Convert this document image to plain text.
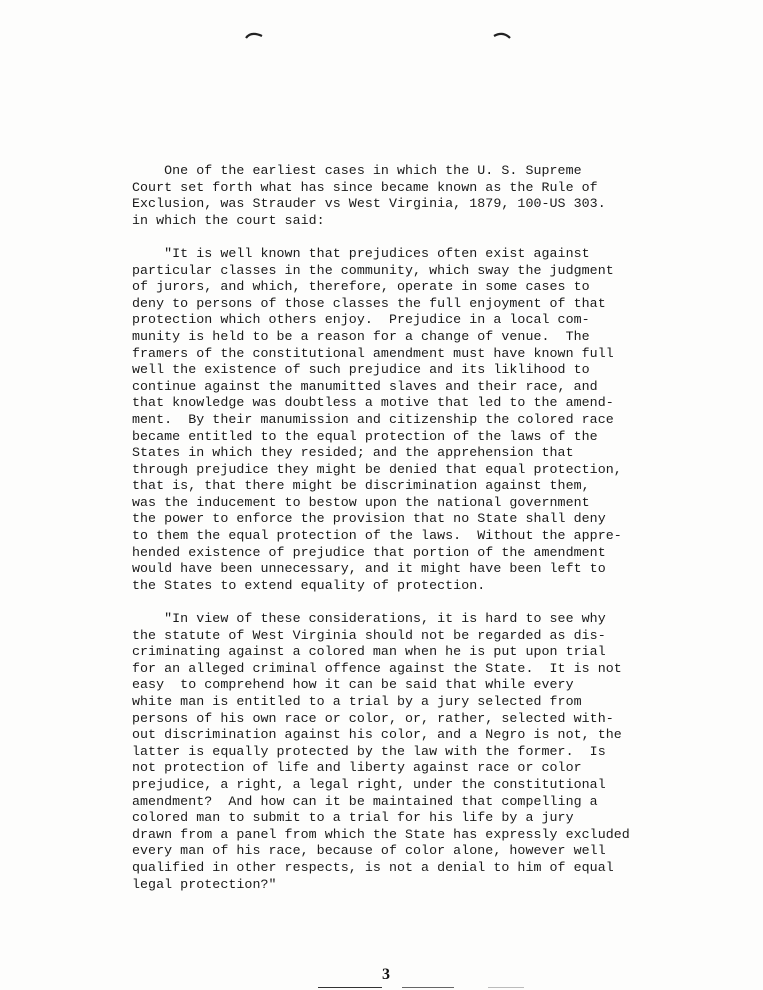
One of the earliest cases in which the U. S. Supreme
Court set forth what has since became known as the Rule of
Exclusion, was Strauder vs West Virginia, 1879, 100-US 303.
in which the court said:
"It is well known that prejudices often exist against
particular classes in the community, which sway the judgment
of jurors, and which, therefore, operate in some cases to
deny to persons of those classes the full enjoyment of that
protection which others enjoy.  Prejudice in a local com-
munity is held to be a reason for a change of venue.  The
framers of the constitutional amendment must have known full
well the existence of such prejudice and its liklihood to
continue against the manumitted slaves and their race, and
that knowledge was doubtless a motive that led to the amend-
ment.  By their manumission and citizenship the colored race
became entitled to the equal protection of the laws of the
States in which they resided; and the apprehension that
through prejudice they might be denied that equal protection,
that is, that there might be discrimination against them,
was the inducement to bestow upon the national government
the power to enforce the provision that no State shall deny
to them the equal protection of the laws.  Without the appre-
hended existence of prejudice that portion of the amendment
would have been unnecessary, and it might have been left to
the States to extend equality of protection.
"In view of these considerations, it is hard to see why
the statute of West Virginia should not be regarded as dis-
criminating against a colored man when he is put upon trial
for an alleged criminal offence against the State.  It is not
easy  to comprehend how it can be said that while every
white man is entitled to a trial by a jury selected from
persons of his own race or color, or, rather, selected with-
out discrimination against his color, and a Negro is not, the
latter is equally protected by the law with the former.  Is
not protection of life and liberty against race or color
prejudice, a right, a legal right, under the constitutional
amendment?  And how can it be maintained that compelling a
colored man to submit to a trial for his life by a jury
drawn from a panel from which the State has expressly excluded
every man of his race, because of color alone, however well
qualified in other respects, is not a denial to him of equal
legal protection?"
3
